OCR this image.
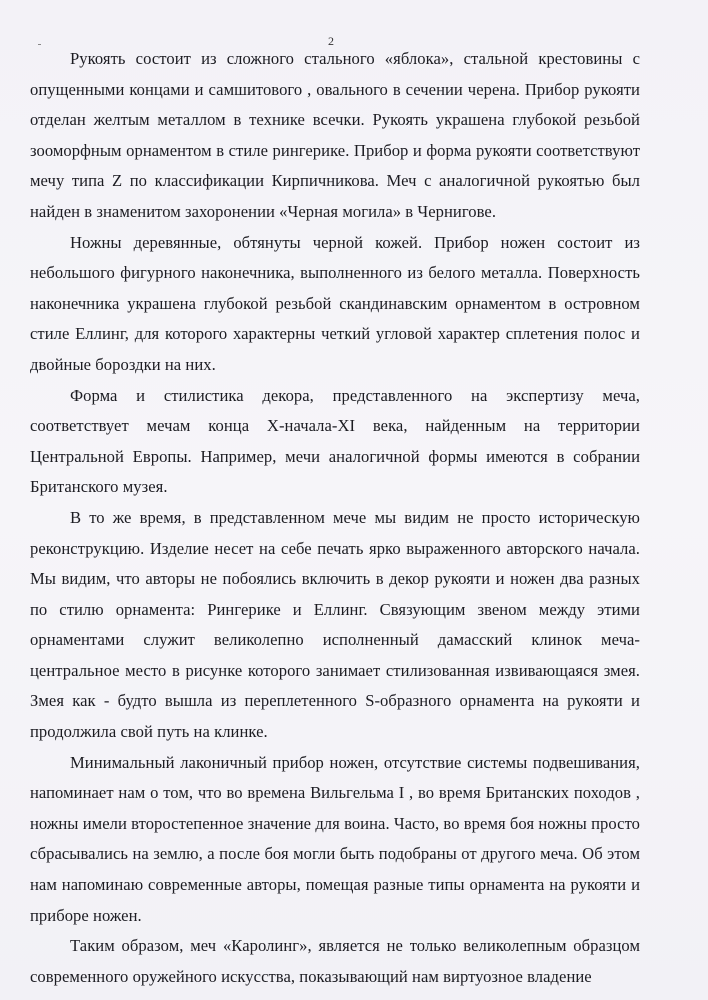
2

Рукоять состоит из сложного стального «яблока», стальной крестовины с опущенными концами и самшитового , овального в сечении черена. Прибор рукояти отделан желтым металлом в технике всечки. Рукоять украшена глубокой резьбой зооморфным орнаментом в стиле рингерике. Прибор и форма рукояти соответствуют мечу типа Z по классификации Кирпичникова. Меч с аналогичной рукоятью был найден в знаменитом захоронении «Черная могила» в Чернигове.

Ножны деревянные, обтянуты черной кожей. Прибор ножен состоит из небольшого фигурного наконечника, выполненного из белого металла. Поверхность наконечника украшена глубокой резьбой скандинавским орнаментом в островном стиле Еллинг, для которого характерны четкий угловой характер сплетения полос и двойные бороздки на них.

Форма и стилистика декора, представленного на экспертизу меча, соответствует мечам конца X-начала-XI века, найденным на территории Центральной Европы. Например, мечи аналогичной формы имеются в собрании Британского музея.

В то же время, в представленном мече мы видим не просто историческую реконструкцию. Изделие несет на себе печать ярко выраженного авторского начала. Мы видим, что авторы не побоялись включить в декор рукояти и ножен два разных по стилю орнамента: Рингерике и Еллинг. Связующим звеном между этими орнаментами служит великолепно исполненный дамасский клинок меча-центральное место в рисунке которого занимает стилизованная извивающаяся змея. Змея как - будто вышла из переплетенного S-образного орнамента на рукояти и продолжила свой путь на клинке.

Минимальный лаконичный прибор ножен, отсутствие системы подвешивания, напоминает нам о том, что во времена Вильгельма I , во время Британских походов , ножны имели второстепенное значение для воина. Часто, во время боя ножны просто сбрасывались на землю, а после боя могли быть подобраны от другого меча. Об этом нам напоминаю современные авторы, помещая разные типы орнамента на рукояти и приборе ножен.

Таким образом, меч «Каролинг», является не только великолепным образцом современного оружейного искусства, показывающий нам виртуозное владение
